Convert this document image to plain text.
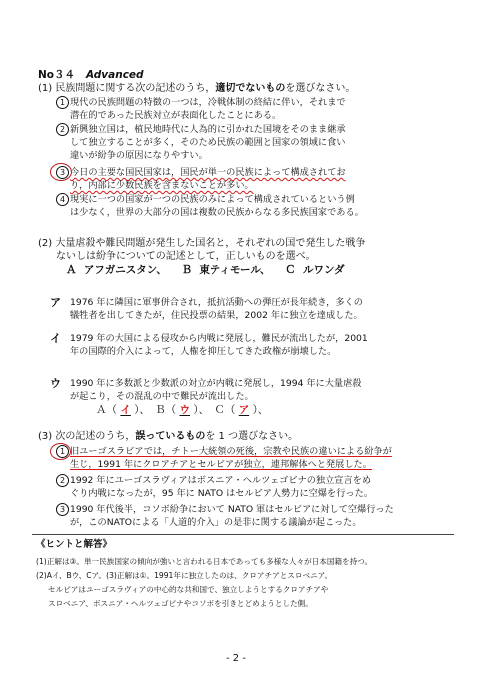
No３４ Advanced
(1) 民族問題に関する次の記述のうち，適切でないものを選びなさい。
1 現代の民族問題の特徴の一つは，冷戦体制の終結に伴い，それまで
潜在的であった民族対立が表面化したことにある。
2 新興独立国は，植民地時代に人為的に引かれた国境をそのまま継承
して独立することが多く，そのため民族の範囲と国家の領域に食い
違いが紛争の原因になりやすい。
3 今日の主要な国民国家は，国民が単一の民族によって構成されてお
り，内部に少数民族を含まないことが多い。
4 現実に一つの国家が一つの民族のみによって構成されているという例
は少なく，世界の大部分の国は複数の民族からなる多民族国家である。
(2) 大量虐殺や難民問題が発生した国名と，それぞれの国で発生した戦争
ないしは紛争についての記述として，正しいものを選べ。
Ａ アフガニスタン、 Ｂ 東ティモール、 Ｃ ルワンダ
ア 1976 年に隣国に軍事併合され，抵抗活動への弾圧が長年続き，多くの
犠牲者を出してきたが，住民投票の結果，2002 年に独立を達成した。
イ 1979 年の大国による侵攻から内戦に発展し，難民が流出したが，2001
年の国際的介入によって，人権を抑圧してきた政権が崩壊した。
ウ 1990 年に多数派と少数派の対立が内戦に発展し，1994 年に大量虐殺
が起こり，その混乱の中で難民が流出した。
Ａ（ イ ）、　Ｂ（ ウ ）、　Ｃ（ ア ）、
(3) 次の記述のうち，誤っているものを 1 つ選びなさい。
1 旧ユーゴスラビアでは，チトー大統領の死後，宗教や民族の違いによる紛争が
生じ，1991 年にクロアチアとセルビアが独立，連邦解体へと発展した。
2 1992 年にユーゴスラヴィアはボスニア・ヘルツェゴビナの独立宣言をめ
ぐり内戦になったが，95 年に NATO はセルビア人勢力に空爆を行った。
3 1990 年代後半，コソボ紛争において NATO 軍はセルビアに対して空爆行った
が，このNATOによる「人道的介入」の是非に関する議論が起こった。
《ヒントと解答》
(1)正解は③。単一民族国家の傾向が強いと言われる日本であっても多様な人々が日本国籍を持つ。
(2)Aイ、Bウ、Cア。(3)正解は①。1991年に独立したのは、クロアチアとスロベニア。
セルビアはユーゴスラヴィアの中心的な共和国で、独立しようとするクロアチアや
スロベニア、ボスニア・ヘルツェゴビナやコソボを引きとどめようとした側。
- 2 -
